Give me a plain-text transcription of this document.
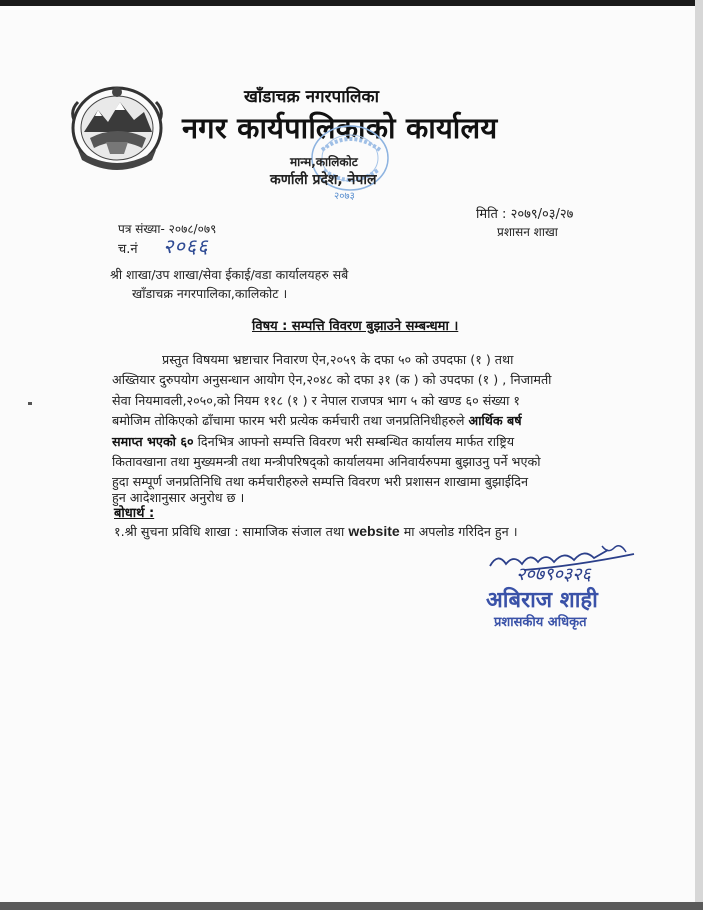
खाँडाचक्र नगरपालिका
नगर कार्यपालिकाको कार्यालय
२०७३
मान्म,कालिकोट
कर्णाली प्रदेश, नेपाल
मिति : २०७९/०३/२७
प्रशासन शाखा
पत्र संख्या- २०७८/०७९
च.नं २०६६
श्री शाखा/उप शाखा/सेवा ईकाई/वडा कार्यालयहरु सबै
खाँडाचक्र नगरपालिका,कालिकोट ।
विषय : सम्पत्ति विवरण बुझाउने सम्बन्धमा ।
प्रस्तुत विषयमा भ्रष्टाचार निवारण ऐन,२०५९ के दफा ५० को उपदफा (१ ) तथा
अख्तियार दुरुपयोग अनुसन्धान आयोग ऐन,२०४८ को दफा ३१ (क ) को उपदफा (१ ) , निजामती
सेवा नियमावली,२०५०,को नियम ११८ (१ ) र नेपाल राजपत्र भाग ५ को खण्ड ६० संख्या १
बमोजिम तोकिएको ढाँचामा फारम भरी प्रत्येक कर्मचारी तथा जनप्रतिनिधीहरुले आर्थिक बर्ष
समाप्त भएको ६० दिनभित्र आफ्नो सम्पत्ति विवरण भरी सम्बन्धित कार्यालय मार्फत राष्ट्रिय
कितावखाना तथा मुख्यमन्त्री तथा मन्त्रीपरिषद्को कार्यालयमा अनिवार्यरुपमा बुझाउनु पर्ने भएको
हुदा सम्पूर्ण जनप्रतिनिधि तथा कर्मचारीहरुले सम्पत्ति विवरण भरी प्रशासन शाखामा बुझाईदिन
हुन आदेशानुसार अनुरोध छ ।
बोधार्थ :
१.श्री सुचना प्रविधि शाखा : सामाजिक संजाल तथा website मा अपलोड गरिदिन हुन ।
२०७९०३२६
अबिराज शाही
प्रशासकीय अधिकृत
